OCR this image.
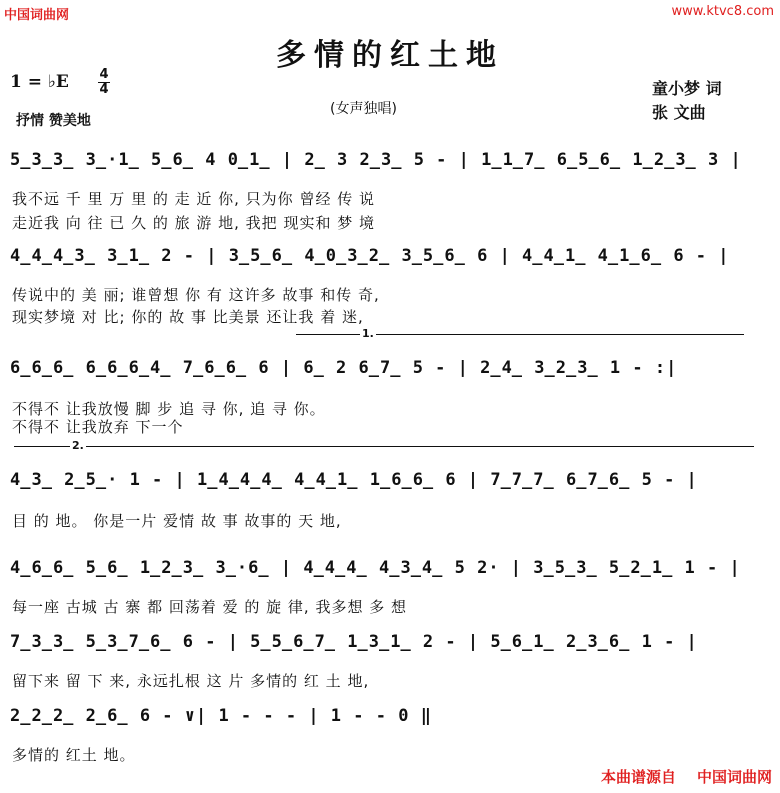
中国词曲网	www.ktvc8.com
多情的红土地
1 = ♭E 4
4
抒情 赞美地
(女声独唱)
童小梦 词
张 文曲
5̲3̲3̲ 3̲·1̲ 5̲6̲ 4 0̲1̲ | 2̲ 3 2̲3̲ 5 - | 1̲1̲7̲ 6̲5̲6̲ 1̲2̲3̲ 3 |
我不远 千 里 万 里 的 走 近 你, 只为你 曾经 传 说
走近我 向 往 已 久 的 旅 游 地, 我把 现实和 梦 境
4̲4̲4̲3̲ 3̲1̲ 2 - | 3̲5̲6̲ 4̲0̲3̲2̲ 3̲5̲6̲ 6 | 4̲4̲1̲ 4̲1̲6̲ 6 - |
传说中的 美 丽; 谁曾想 你 有 这许多 故事 和传 奇,
现实梦境 对 比; 你的 故 事 比美景 还让我 着 迷,
1.
6̲6̲6̲ 6̲6̲6̲4̲ 7̲6̲6̲ 6 | 6̲ 2 6̲7̲ 5 - | 2̲4̲ 3̲2̲3̲ 1 - :|
不得不 让我放慢 脚 步 追 寻 你, 追 寻 你。
不得不 让我放弃 下一个
2.
4̲3̲ 2̲5̲· 1 - | 1̲4̲4̲4̲ 4̲4̲1̲ 1̲6̲6̲ 6 | 7̲7̲7̲ 6̲7̲6̲ 5 - |
目 的 地。 你是一片 爱情 故 事 故事的 天 地,
4̲6̲6̲ 5̲6̲ 1̲2̲3̲ 3̲·6̲ | 4̲4̲4̲ 4̲3̲4̲ 5 2· | 3̲5̲3̲ 5̲2̲1̲ 1 - |
每一座 古城 古 寨 都 回荡着 爱 的 旋 律, 我多想 多 想
7̲3̲3̲ 5̲3̲7̲6̲ 6 - | 5̲5̲6̲7̲ 1̲3̲1̲ 2 - | 5̲6̲1̲ 2̲3̲6̲ 1 - |
留下来 留 下 来, 永远扎根 这 片 多情的 红 土 地,
2̲2̲2̲ 2̲6̲ 6 - ∨| 1 - - - | 1 - - 0 ‖
多情的 红土 地。
本曲谱源自 中国词曲网
